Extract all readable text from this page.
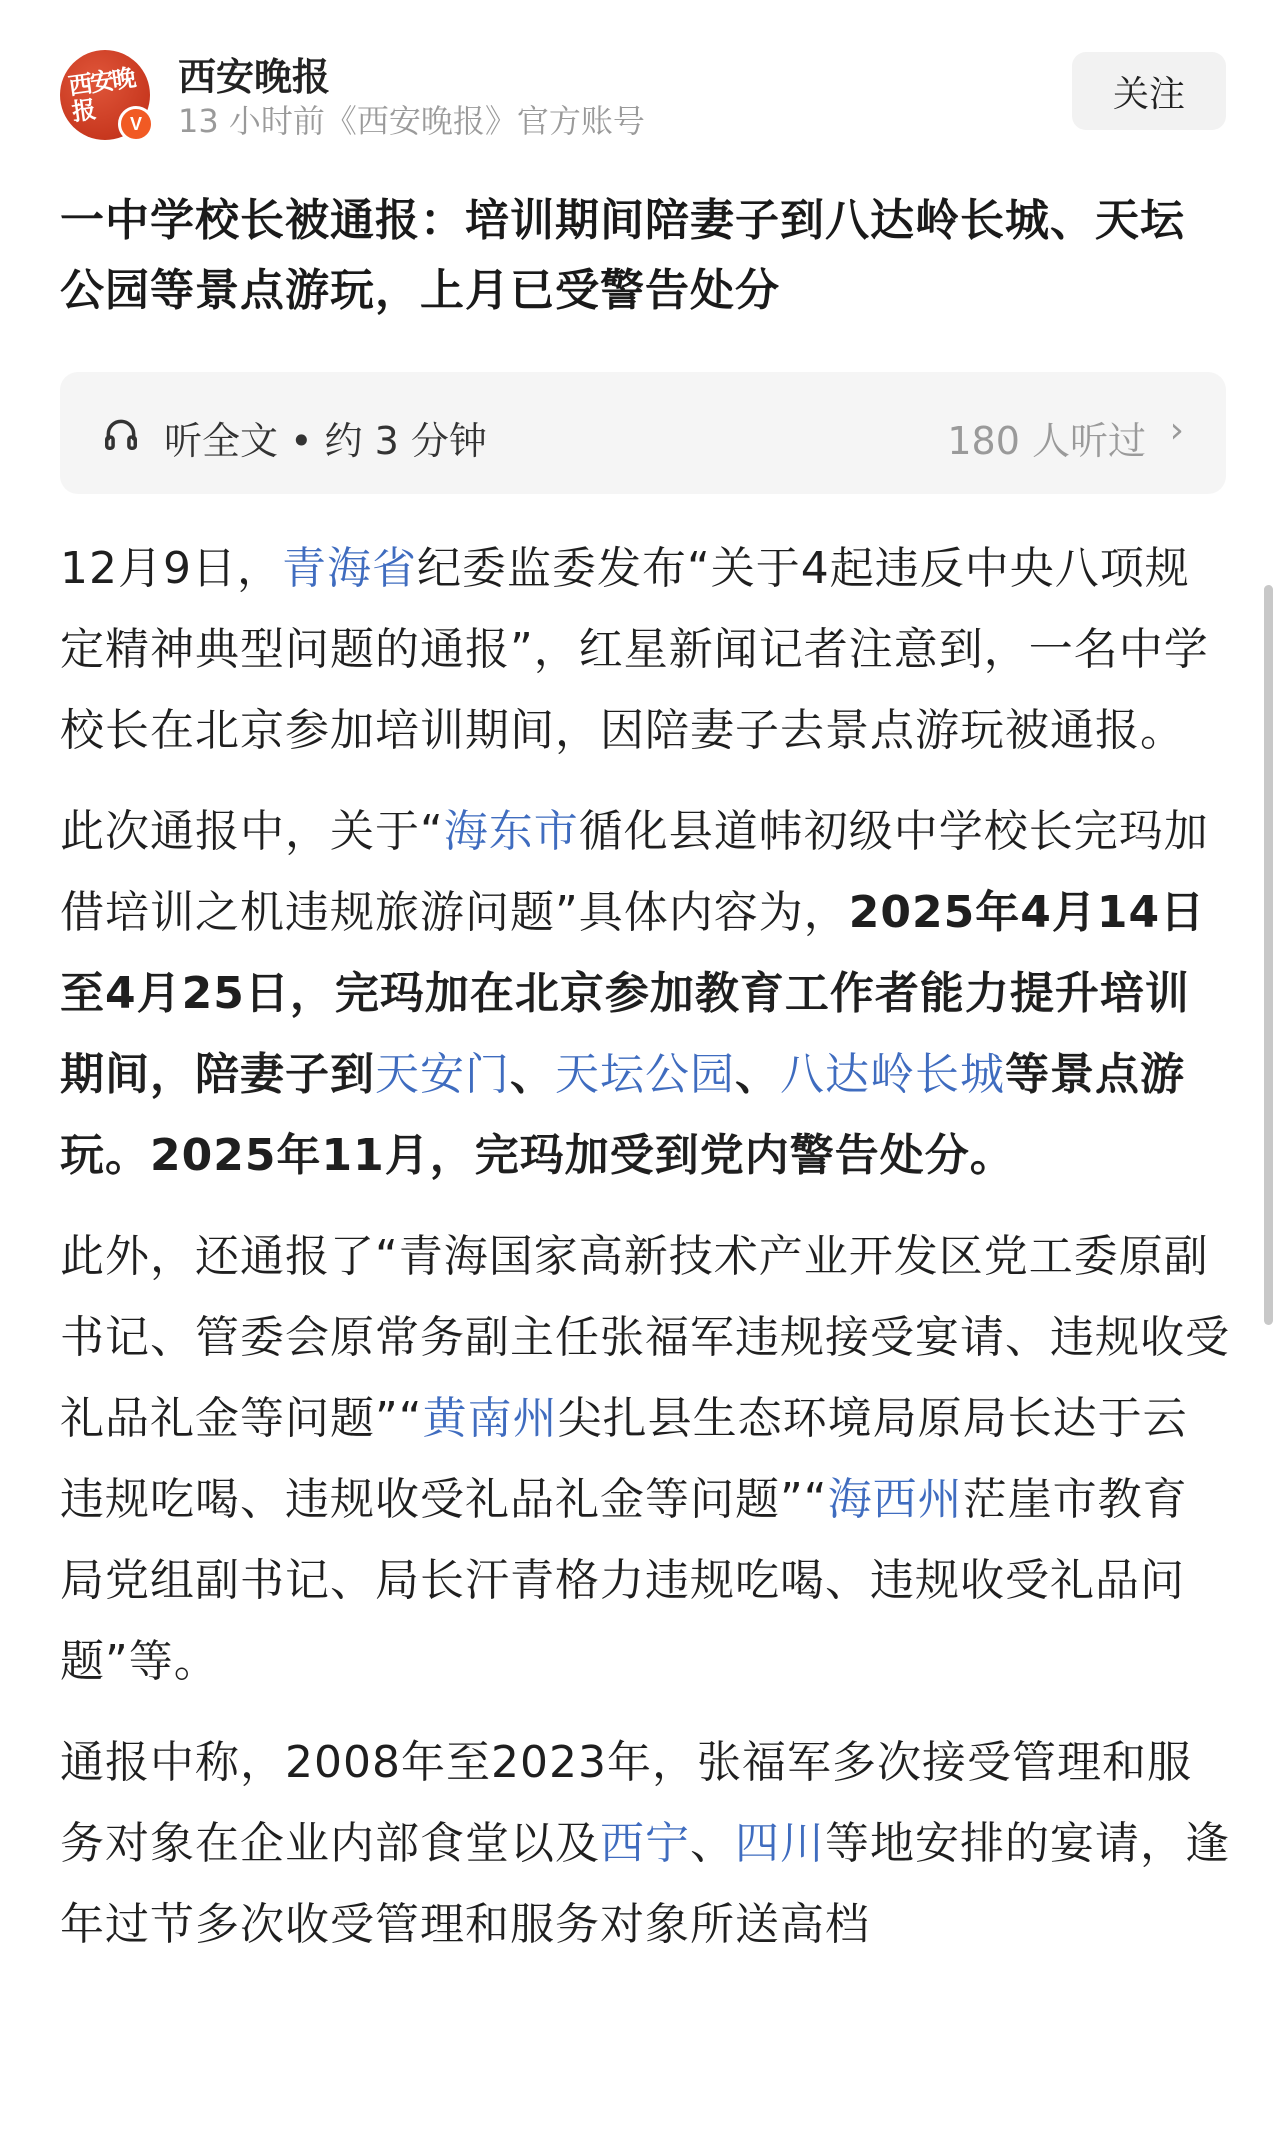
西安晚报	V
西安晚报
13 小时前《西安晚报》官方账号
关注
一中学校长被通报：培训期间陪妻子到八达岭长城、天坛公园等景点游玩，上月已受警告处分
听全文 • 约 3 分钟	180 人听过 ›

12月9日，青海省纪委监委发布“关于4起违反中央八项规定精神典型问题的通报”，红星新闻记者注意到，一名中学校长在北京参加培训期间，因陪妻子去景点游玩被通报。

此次通报中，关于“海东市循化县道帏初级中学校长完玛加借培训之机违规旅游问题”具体内容为，2025年4月14日至4月25日，完玛加在北京参加教育工作者能力提升培训期间，陪妻子到天安门、天坛公园、八达岭长城等景点游玩。2025年11月，完玛加受到党内警告处分。

此外，还通报了“青海国家高新技术产业开发区党工委原副书记、管委会原常务副主任张福军违规接受宴请、违规收受礼品礼金等问题”“黄南州尖扎县生态环境局原局长达于云违规吃喝、违规收受礼品礼金等问题”“海西州茫崖市教育局党组副书记、局长汗青格力违规吃喝、违规收受礼品问题”等。

通报中称，2008年至2023年，张福军多次接受管理和服务对象在企业内部食堂以及西宁、四川等地安排的宴请，逢年过节多次收受管理和服务对象所送高档
